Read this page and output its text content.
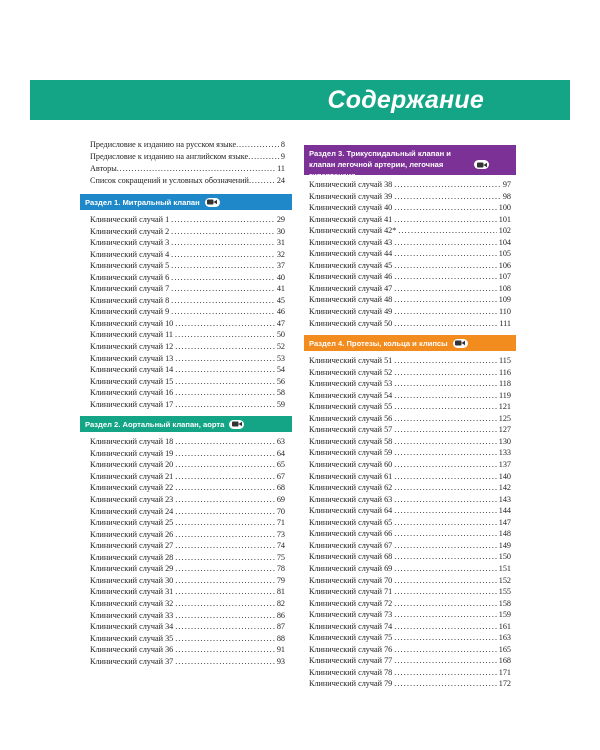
Содержание
Предисловие к изданию на русском языке .....	8
Предисловие к изданию на английском языке .....	9
Авторы .....	11
Список сокращений и условных обозначений .....	24
Раздел 1. Митральный клапан
Клинический случай 1 .....	29
Клинический случай 2 .....	30
Клинический случай 3 .....	31
Клинический случай 4 .....	32
Клинический случай 5 .....	37
Клинический случай 6 .....	40
Клинический случай 7 .....	41
Клинический случай 8 .....	45
Клинический случай 9 .....	46
Клинический случай 10 .....	47
Клинический случай 11 .....	50
Клинический случай 12 .....	52
Клинический случай 13 .....	53
Клинический случай 14 .....	54
Клинический случай 15 .....	56
Клинический случай 16 .....	58
Клинический случай 17 .....	59
Раздел 2. Аортальный клапан, аорта
Клинический случай 18 .....	63
Клинический случай 19 .....	64
Клинический случай 20 .....	65
Клинический случай 21 .....	67
Клинический случай 22 .....	68
Клинический случай 23 .....	69
Клинический случай 24 .....	70
Клинический случай 25 .....	71
Клинический случай 26 .....	73
Клинический случай 27 .....	74
Клинический случай 28 .....	75
Клинический случай 29 .....	78
Клинический случай 30 .....	79
Клинический случай 31 .....	81
Клинический случай 32 .....	82
Клинический случай 33 .....	86
Клинический случай 34 .....	87
Клинический случай 35 .....	88
Клинический случай 36 .....	91
Клинический случай 37 .....	93
Раздел 3. Трикуспидальный клапан и клапан легочной артерии, легочная гипертензия
Клинический случай 38 .....	97
Клинический случай 39 .....	98
Клинический случай 40 .....	100
Клинический случай 41 .....	101
Клинический случай 42* .....	102
Клинический случай 43 .....	104
Клинический случай 44 .....	105
Клинический случай 45 .....	106
Клинический случай 46 .....	107
Клинический случай 47 .....	108
Клинический случай 48 .....	109
Клинический случай 49 .....	110
Клинический случай 50 .....	111
Раздел 4. Протезы, кольца и клипсы
Клинический случай 51 .....	115
Клинический случай 52 .....	116
Клинический случай 53 .....	118
Клинический случай 54 .....	119
Клинический случай 55 .....	121
Клинический случай 56 .....	125
Клинический случай 57 .....	127
Клинический случай 58 .....	130
Клинический случай 59 .....	133
Клинический случай 60 .....	137
Клинический случай 61 .....	140
Клинический случай 62 .....	142
Клинический случай 63 .....	143
Клинический случай 64 .....	144
Клинический случай 65 .....	147
Клинический случай 66 .....	148
Клинический случай 67 .....	149
Клинический случай 68 .....	150
Клинический случай 69 .....	151
Клинический случай 70 .....	152
Клинический случай 71 .....	155
Клинический случай 72 .....	158
Клинический случай 73 .....	159
Клинический случай 74 .....	161
Клинический случай 75 .....	163
Клинический случай 76 .....	165
Клинический случай 77 .....	168
Клинический случай 78 .....	171
Клинический случай 79 .....	172
